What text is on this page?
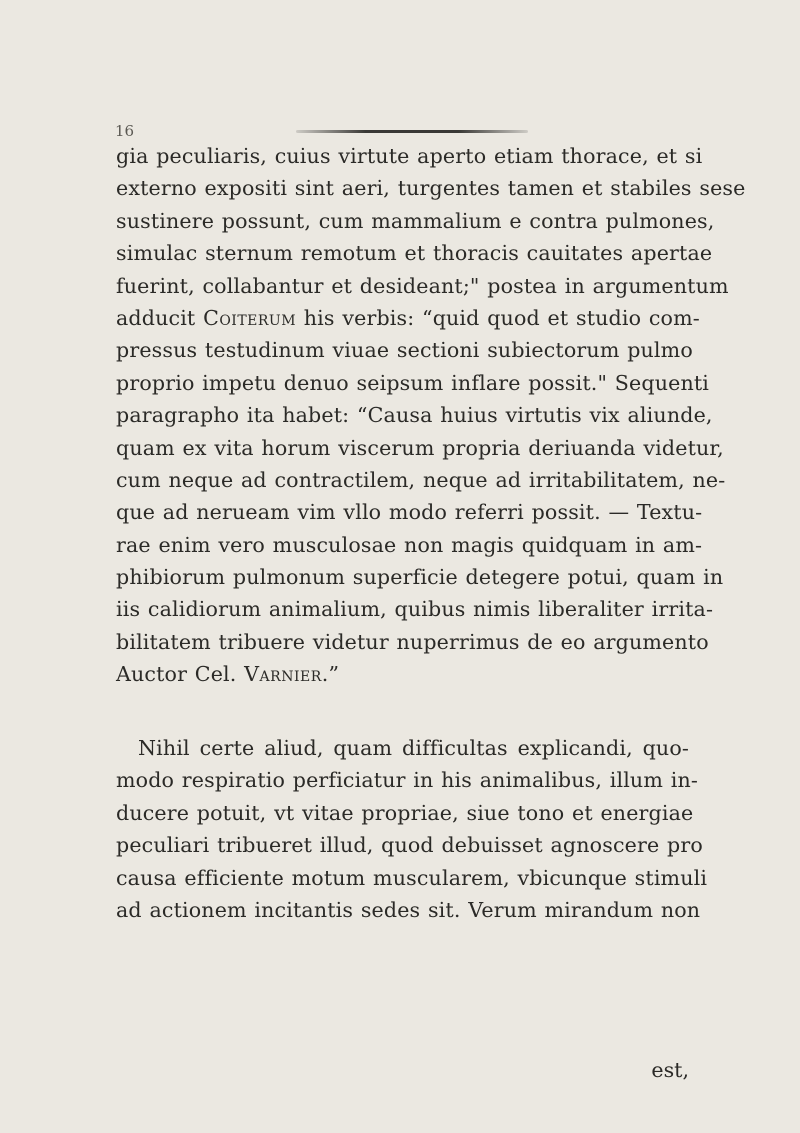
16
gia peculiaris, cuius virtute aperto etiam thorace, et si
externo expositi sint aeri, turgentes tamen et stabiles sese
sustinere possunt, cum mammalium e contra pulmones,
simulac sternum remotum et thoracis cauitates apertae
fuerint, collabantur et desideant;" postea in argumentum
adducit Coiterum his verbis: “quid quod et studio com-
pressus testudinum viuae sectioni subiectorum pulmo
proprio impetu denuo seipsum inflare possit." Sequenti
paragrapho ita habet: “Causa huius virtutis vix aliunde,
quam ex vita horum viscerum propria deriuanda videtur,
cum neque ad contractilem, neque ad irritabilitatem, ne-
que ad nerueam vim vllo modo referri possit. — Textu-
rae enim vero musculosae non magis quidquam in am-
phibiorum pulmonum superficie detegere potui, quam in
iis calidiorum animalium, quibus nimis liberaliter irrita-
bilitatem tribuere videtur nuperrimus de eo argumento
Auctor Cel. Varnier.”
Nihil certe aliud, quam difficultas explicandi, quo-
modo respiratio perficiatur in his animalibus, illum in-
ducere potuit, vt vitae propriae, siue tono et energiae
peculiari tribueret illud, quod debuisset agnoscere pro
causa efficiente motum muscularem, vbicunque stimuli
ad actionem incitantis sedes sit. Verum mirandum non
est,
